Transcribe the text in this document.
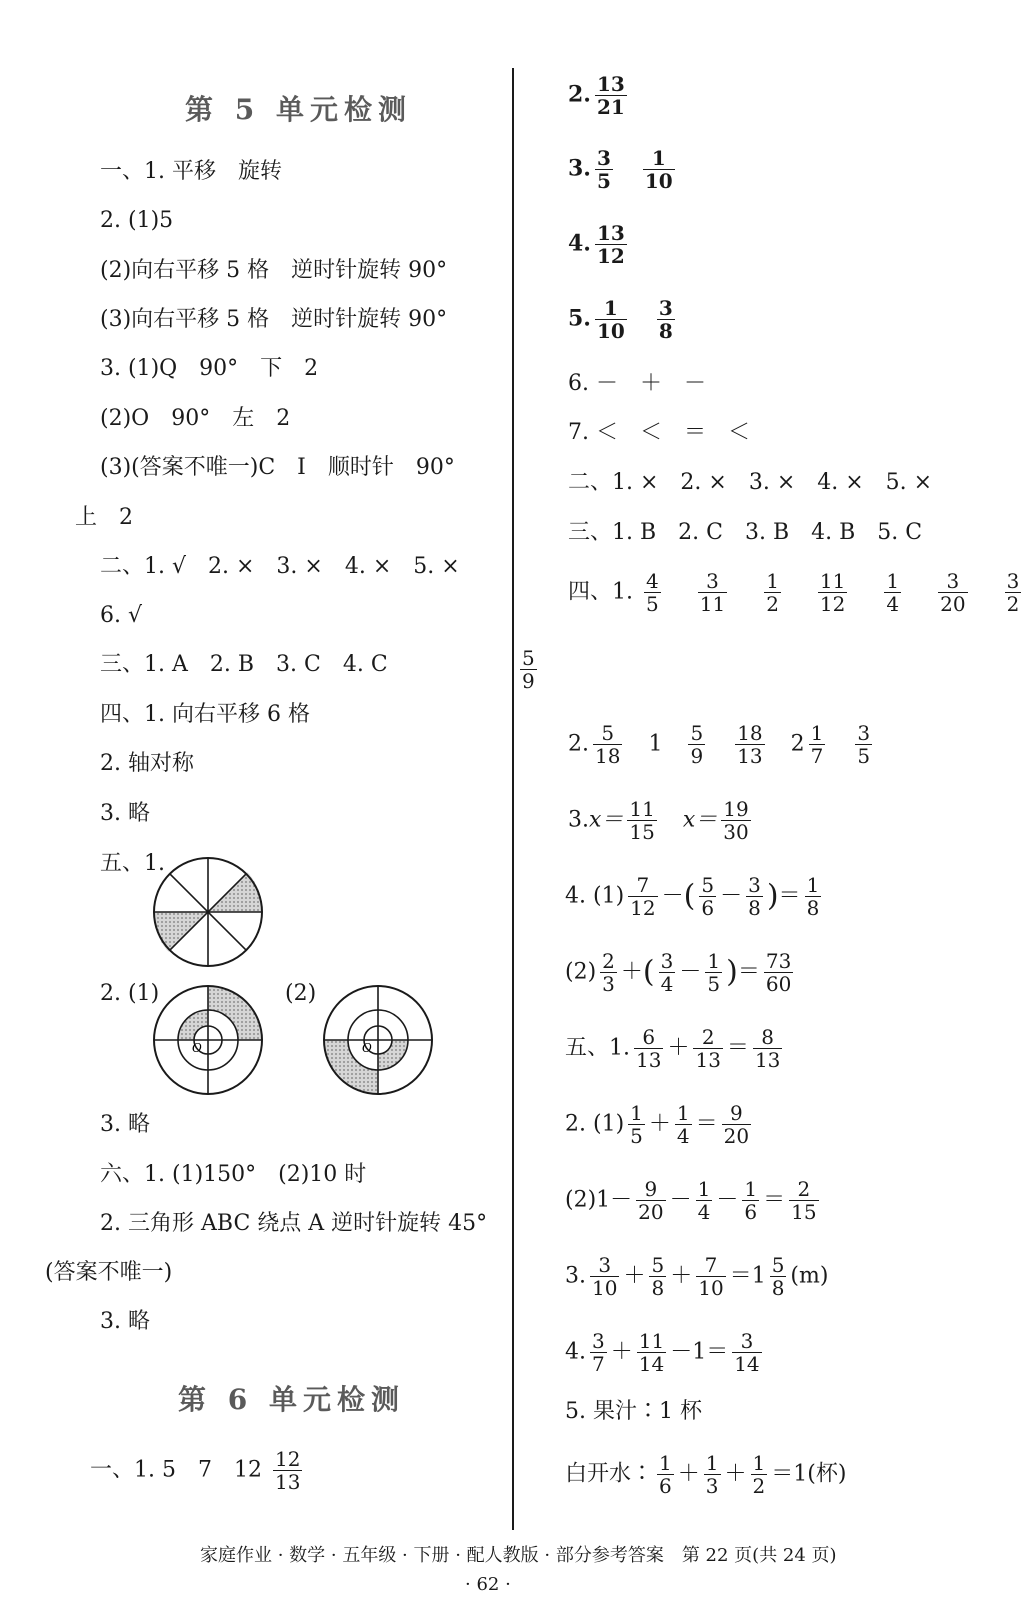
第 5 单元检测
一、1. 平移　旋转
2. (1)5
(2)向右平移 5 格　逆时针旋转 90°
(3)向右平移 5 格　逆时针旋转 90°
3. (1)Q　90°　下　2
(2)O　90°　左　2
(3)(答案不唯一)C　I　顺时针　90°
上　2
二、1. √　2. ×　3. ×　4. ×　5. ×
6. √
三、1. A　2. B　3. C　4. C
四、1. 向右平移 6 格
2. 轴对称
3. 略
五、1.
2. (1)	(2)
O	O
3. 略
六、1. (1)150°　(2)10 时
2. 三角形 ABC 绕点 A 逆时针旋转 45°
(答案不唯一)
3. 略
第 6 单元检测
一、1. 5　7　$12 \frac{12}{13}$
2. $\frac{13}{21}$
3. $\frac{3}{5} \frac{1}{10}$
4. $\frac{13}{12}$
5. $\frac{1}{10} \frac{3}{8}$
6. －　＋　－
7. ＜　＜　＝　＜
二、1. ×　2. ×　3. ×　4. ×　5. ×
三、1. B　2. C　3. B　4. B　5. C
四、1. $\frac{4}{5}$
$\frac{3}{11}$
$\frac{1}{2}$
$\frac{11}{12}$
$\frac{1}{4}$
$\frac{3}{20}$
$\frac{3}{2}$
$\frac{5}{9}$
2. $\frac{5}{18} 1 \frac{5}{9} \frac{18}{13} 2 \frac{1}{7} \frac{3}{5}$
$3.x= \frac{11}{15} x= \frac{19}{30}$
4. $(1) \frac{7}{12}$ －( $\frac{5}{6} - \frac{3}{8}$ )＝ $\frac{1}{8}$
$(2) \frac{2}{3}$ ＋( $\frac{3}{4} - \frac{1}{5}$ )＝ $\frac{73}{60}$
五、1. $\frac{6}{13} + \frac{2}{13} = \frac{8}{13}$
2. $(1) \frac{1}{5} + \frac{1}{4} = \frac{9}{20}$
$(2)1- \frac{9}{20} - \frac{1}{4} - \frac{1}{6} = \frac{2}{15}$
3. $\frac{3}{10} + \frac{5}{8} + \frac{7}{10} =1 \frac{5}{8} (m)$
4. $\frac{3}{7} + \frac{11}{14} -1= \frac{3}{14}$
5. 果汁∶1 杯
白开水∶ $\frac{1}{6} + \frac{1}{3} + \frac{1}{2} =1$(杯)
家庭作业 · 数学 · 五年级 · 下册 · 配人教版 · 部分参考答案　第 22 页(共 24 页)
· 62 ·
